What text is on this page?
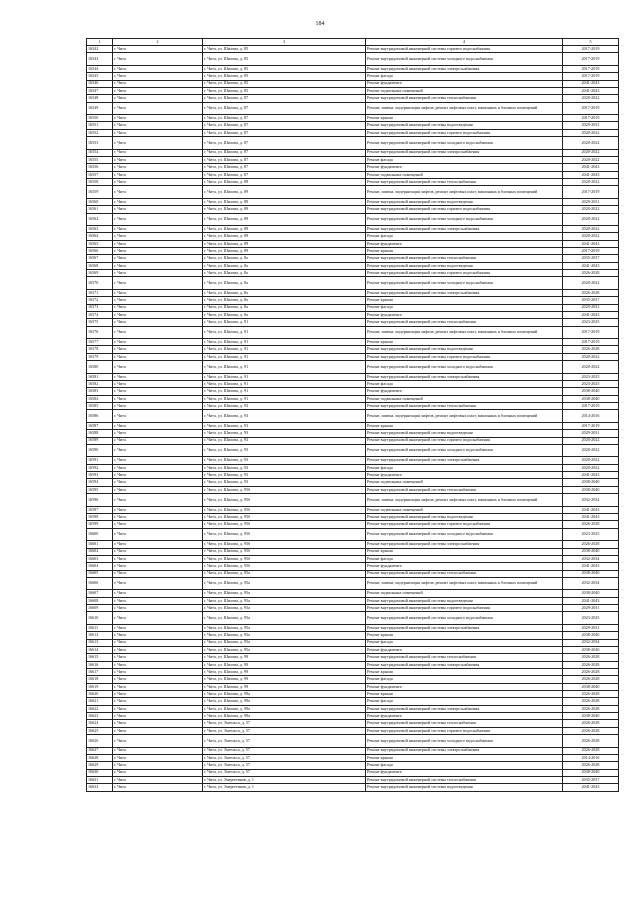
184
1	2	3	4	5
16542	г. Чита	г. Чита, ул. Шилова, д. 85	Ремонт внутридомовой инженерной системы горячего водоснабжения	2017-2019
16543	г. Чита	г. Чита, ул. Шилова, д. 85	Ремонт внутридомовой инженерной системы холодного водоснабжения	2017-2019
16544	г. Чита	г. Чита, ул. Шилова, д. 85	Ремонт внутридомовой инженерной системы электроснабжения	2017-2019
16545	г. Чита	г. Чита, ул. Шилова, д. 85	Ремонт фасада	2017-2019
16546	г. Чита	г. Чита, ул. Шилова, д. 85	Ремонт фундамента	2041-2043
16547	г. Чита	г. Чита, ул. Шилова, д. 85	Ремонт подвальных помещений	2041-2043
16548	г. Чита	г. Чита, ул. Шилова, д. 87	Ремонт внутридомовой инженерной системы теплоснабжения	2020-2022
16549	г. Чита	г. Чита, ул. Шилова, д. 87	Ремонт, замена, модернизация лифтов, ремонт лифтовых шахт, машинных и блочных помещений	2017-2019
16550	г. Чита	г. Чита, ул. Шилова, д. 87	Ремонт крыши	2017-2019
16551	г. Чита	г. Чита, ул. Шилова, д. 87	Ремонт внутридомовой инженерной системы водоотведения	2029-2031
16552	г. Чита	г. Чита, ул. Шилова, д. 87	Ремонт внутридомовой инженерной системы горячего водоснабжения	2020-2022
16553	г. Чита	г. Чита, ул. Шилова, д. 87	Ремонт внутридомовой инженерной системы холодного водоснабжения	2020-2022
16554	г. Чита	г. Чита, ул. Шилова, д. 87	Ремонт внутридомовой инженерной системы электроснабжения	2020-2022
16555	г. Чита	г. Чита, ул. Шилова, д. 87	Ремонт фасада	2020-2022
16556	г. Чита	г. Чита, ул. Шилова, д. 87	Ремонт фундамента	2041-2043
16557	г. Чита	г. Чита, ул. Шилова, д. 87	Ремонт подвальных помещений	2041-2043
16558	г. Чита	г. Чита, ул. Шилова, д. 89	Ремонт внутридомовой инженерной системы теплоснабжения	2020-2022
16559	г. Чита	г. Чита, ул. Шилова, д. 89	Ремонт, замена, модернизация лифтов, ремонт лифтовых шахт, машинных и блочных помещений	2017-2019
16560	г. Чита	г. Чита, ул. Шилова, д. 89	Ремонт внутридомовой инженерной системы водоотведения	2029-2031
16561	г. Чита	г. Чита, ул. Шилова, д. 89	Ремонт внутридомовой инженерной системы горячего водоснабжения	2020-2022
16562	г. Чита	г. Чита, ул. Шилова, д. 89	Ремонт внутридомовой инженерной системы холодного водоснабжения	2020-2022
16563	г. Чита	г. Чита, ул. Шилова, д. 89	Ремонт внутридомовой инженерной системы электроснабжения	2020-2022
16564	г. Чита	г. Чита, ул. Шилова, д. 89	Ремонт фасада	2020-2022
16565	г. Чита	г. Чита, ул. Шилова, д. 89	Ремонт фундамента	2041-2043
16566	г. Чита	г. Чита, ул. Шилова, д. 89	Ремонт крыши	2017-2019
16567	г. Чита	г. Чита, ул. Шилова, д. 8а	Ремонт внутридомовой инженерной системы теплоснабжения	2035-2037
16568	г. Чита	г. Чита, ул. Шилова, д. 8а	Ремонт внутридомовой инженерной системы водоотведения	2041-2043
16569	г. Чита	г. Чита, ул. Шилова, д. 8а	Ремонт внутридомовой инженерной системы горячего водоснабжения	2026-2028
16570	г. Чита	г. Чита, ул. Шилова, д. 8а	Ремонт внутридомовой инженерной системы холодного водоснабжения	2020-2022
16571	г. Чита	г. Чита, ул. Шилова, д. 8а	Ремонт внутридомовой инженерной системы электроснабжения	2026-2028
16572	г. Чита	г. Чита, ул. Шилова, д. 8а	Ремонт крыши	2035-2037
16573	г. Чита	г. Чита, ул. Шилова, д. 8а	Ремонт фасада	2029-2031
16574	г. Чита	г. Чита, ул. Шилова, д. 8а	Ремонт фундамента	2041-2043
16575	г. Чита	г. Чита, ул. Шилова, д. 91	Ремонт внутридомовой инженерной системы теплоснабжения	2023-2025
16576	г. Чита	г. Чита, ул. Шилова, д. 91	Ремонт, замена, модернизация лифтов, ремонт лифтовых шахт, машинных и блочных помещений	2017-2019
16577	г. Чита	г. Чита, ул. Шилова, д. 91	Ремонт крыши	2017-2019
16578	г. Чита	г. Чита, ул. Шилова, д. 91	Ремонт внутридомовой инженерной системы водоотведения	2026-2028
16579	г. Чита	г. Чита, ул. Шилова, д. 91	Ремонт внутридомовой инженерной системы горячего водоснабжения	2020-2022
16580	г. Чита	г. Чита, ул. Шилова, д. 91	Ремонт внутридомовой инженерной системы холодного водоснабжения	2020-2022
16581	г. Чита	г. Чита, ул. Шилова, д. 91	Ремонт внутридомовой инженерной системы электроснабжения	2023-2025
16582	г. Чита	г. Чита, ул. Шилова, д. 91	Ремонт фасада	2023-2025
16583	г. Чита	г. Чита, ул. Шилова, д. 91	Ремонт фундамента	2038-2040
16584	г. Чита	г. Чита, ул. Шилова, д. 91	Ремонт подвальных помещений	2038-2040
16585	г. Чита	г. Чита, ул. Шилова, д. 93	Ремонт внутридомовой инженерной системы теплоснабжения	2017-2019
16586	г. Чита	г. Чита, ул. Шилова, д. 93	Ремонт, замена, модернизация лифтов, ремонт лифтовых шахт, машинных и блочных помещений	2014-2016
16587	г. Чита	г. Чита, ул. Шилова, д. 93	Ремонт крыши	2017-2019
16588	г. Чита	г. Чита, ул. Шилова, д. 93	Ремонт внутридомовой инженерной системы водоотведения	2029-2031
16589	г. Чита	г. Чита, ул. Шилова, д. 93	Ремонт внутридомовой инженерной системы горячего водоснабжения	2020-2022
16590	г. Чита	г. Чита, ул. Шилова, д. 93	Ремонт внутридомовой инженерной системы холодного водоснабжения	2020-2022
16591	г. Чита	г. Чита, ул. Шилова, д. 93	Ремонт внутридомовой инженерной системы электроснабжения	2020-2022
16592	г. Чита	г. Чита, ул. Шилова, д. 93	Ремонт фасада	2020-2022
16593	г. Чита	г. Чита, ул. Шилова, д. 93	Ремонт фундамента	2041-2043
16594	г. Чита	г. Чита, ул. Шилова, д. 93	Ремонт подвальных помещений	2038-2040
16595	г. Чита	г. Чита, ул. Шилова, д. 95б	Ремонт внутридомовой инженерной системы теплоснабжения	2038-2040
16596	г. Чита	г. Чита, ул. Шилова, д. 95б	Ремонт, замена, модернизация лифтов, ремонт лифтовых шахт, машинных и блочных помещений	2032-2034
16597	г. Чита	г. Чита, ул. Шилова, д. 95б	Ремонт подвальных помещений	2041-2043
16598	г. Чита	г. Чита, ул. Шилова, д. 95б	Ремонт внутридомовой инженерной системы водоотведения	2041-2043
16599	г. Чита	г. Чита, ул. Шилова, д. 95б	Ремонт внутридомовой инженерной системы горячего водоснабжения	2026-2028
16600	г. Чита	г. Чита, ул. Шилова, д. 95б	Ремонт внутридомовой инженерной системы холодного водоснабжения	2023-2025
16601	г. Чита	г. Чита, ул. Шилова, д. 95б	Ремонт внутридомовой инженерной системы электроснабжения	2026-2028
16602	г. Чита	г. Чита, ул. Шилова, д. 95б	Ремонт крыши	2038-2040
16603	г. Чита	г. Чита, ул. Шилова, д. 95б	Ремонт фасада	2032-2034
16604	г. Чита	г. Чита, ул. Шилова, д. 95б	Ремонт фундамента	2041-2043
16605	г. Чита	г. Чита, ул. Шилова, д. 95а	Ремонт внутридомовой инженерной системы теплоснабжения	2038-2040
16606	г. Чита	г. Чита, ул. Шилова, д. 95а	Ремонт, замена, модернизация лифтов, ремонт лифтовых шахт, машинных и блочных помещений	2032-2034
16607	г. Чита	г. Чита, ул. Шилова, д. 95а	Ремонт подвальных помещений	2038-2040
16608	г. Чита	г. Чита, ул. Шилова, д. 95а	Ремонт внутридомовой инженерной системы водоотведения	2041-2043
16609	г. Чита	г. Чита, ул. Шилова, д. 95а	Ремонт внутридомовой инженерной системы горячего водоснабжения	2029-2031
16610	г. Чита	г. Чита, ул. Шилова, д. 95а	Ремонт внутридомовой инженерной системы холодного водоснабжения	2023-2025
16611	г. Чита	г. Чита, ул. Шилова, д. 95а	Ремонт внутридомовой инженерной системы электроснабжения	2029-2031
16612	г. Чита	г. Чита, ул. Шилова, д. 95а	Ремонт крыши	2038-2040
16613	г. Чита	г. Чита, ул. Шилова, д. 95а	Ремонт фасада	2032-2034
16614	г. Чита	г. Чита, ул. Шилова, д. 95а	Ремонт фундамента	2038-2040
16615	г. Чита	г. Чита, ул. Шилова, д. 99	Ремонт внутридомовой инженерной системы теплоснабжения	2026-2028
16616	г. Чита	г. Чита, ул. Шилова, д. 99	Ремонт внутридомовой инженерной системы электроснабжения	2026-2028
16617	г. Чита	г. Чита, ул. Шилова, д. 99	Ремонт крыши	2026-2028
16618	г. Чита	г. Чита, ул. Шилова, д. 99	Ремонт фасада	2026-2028
16619	г. Чита	г. Чита, ул. Шилова, д. 99	Ремонт фундамента	2038-2040
16620	г. Чита	г. Чита, ул. Шилова, д. 99а	Ремонт крыши	2026-2028
16621	г. Чита	г. Чита, ул. Шилова, д. 99а	Ремонт фасада	2026-2028
16622	г. Чита	г. Чита, ул. Шилова, д. 99а	Ремонт внутридомовой инженерной системы электроснабжения	2026-2028
16623	г. Чита	г. Чита, ул. Шилова, д. 99а	Ремонт фундамента	2038-2040
16624	г. Чита	г. Чита, ул. Энгельса, д. 57	Ремонт внутридомовой инженерной системы теплоснабжения	2026-2028
16625	г. Чита	г. Чита, ул. Энгельса, д. 57	Ремонт внутридомовой инженерной системы горячего водоснабжения	2026-2028
16626	г. Чита	г. Чита, ул. Энгельса, д. 57	Ремонт внутридомовой инженерной системы холодного водоснабжения	2026-2028
16627	г. Чита	г. Чита, ул. Энгельса, д. 57	Ремонт внутридомовой инженерной системы электроснабжения	2026-2028
16628	г. Чита	г. Чита, ул. Энгельса, д. 57	Ремонт крыши	2014-2016
16629	г. Чита	г. Чита, ул. Энгельса, д. 57	Ремонт фасада	2026-2028
16630	г. Чита	г. Чита, ул. Энгельса, д. 57	Ремонт фундамента	2038-2040
16631	г. Чита	г. Чита, ул. Энергетиков, д. 1	Ремонт внутридомовой инженерной системы теплоснабжения	2035-2037
16632	г. Чита	г. Чита, ул. Энергетиков, д. 1	Ремонт внутридомовой инженерной системы водоотведения	2041-2043
